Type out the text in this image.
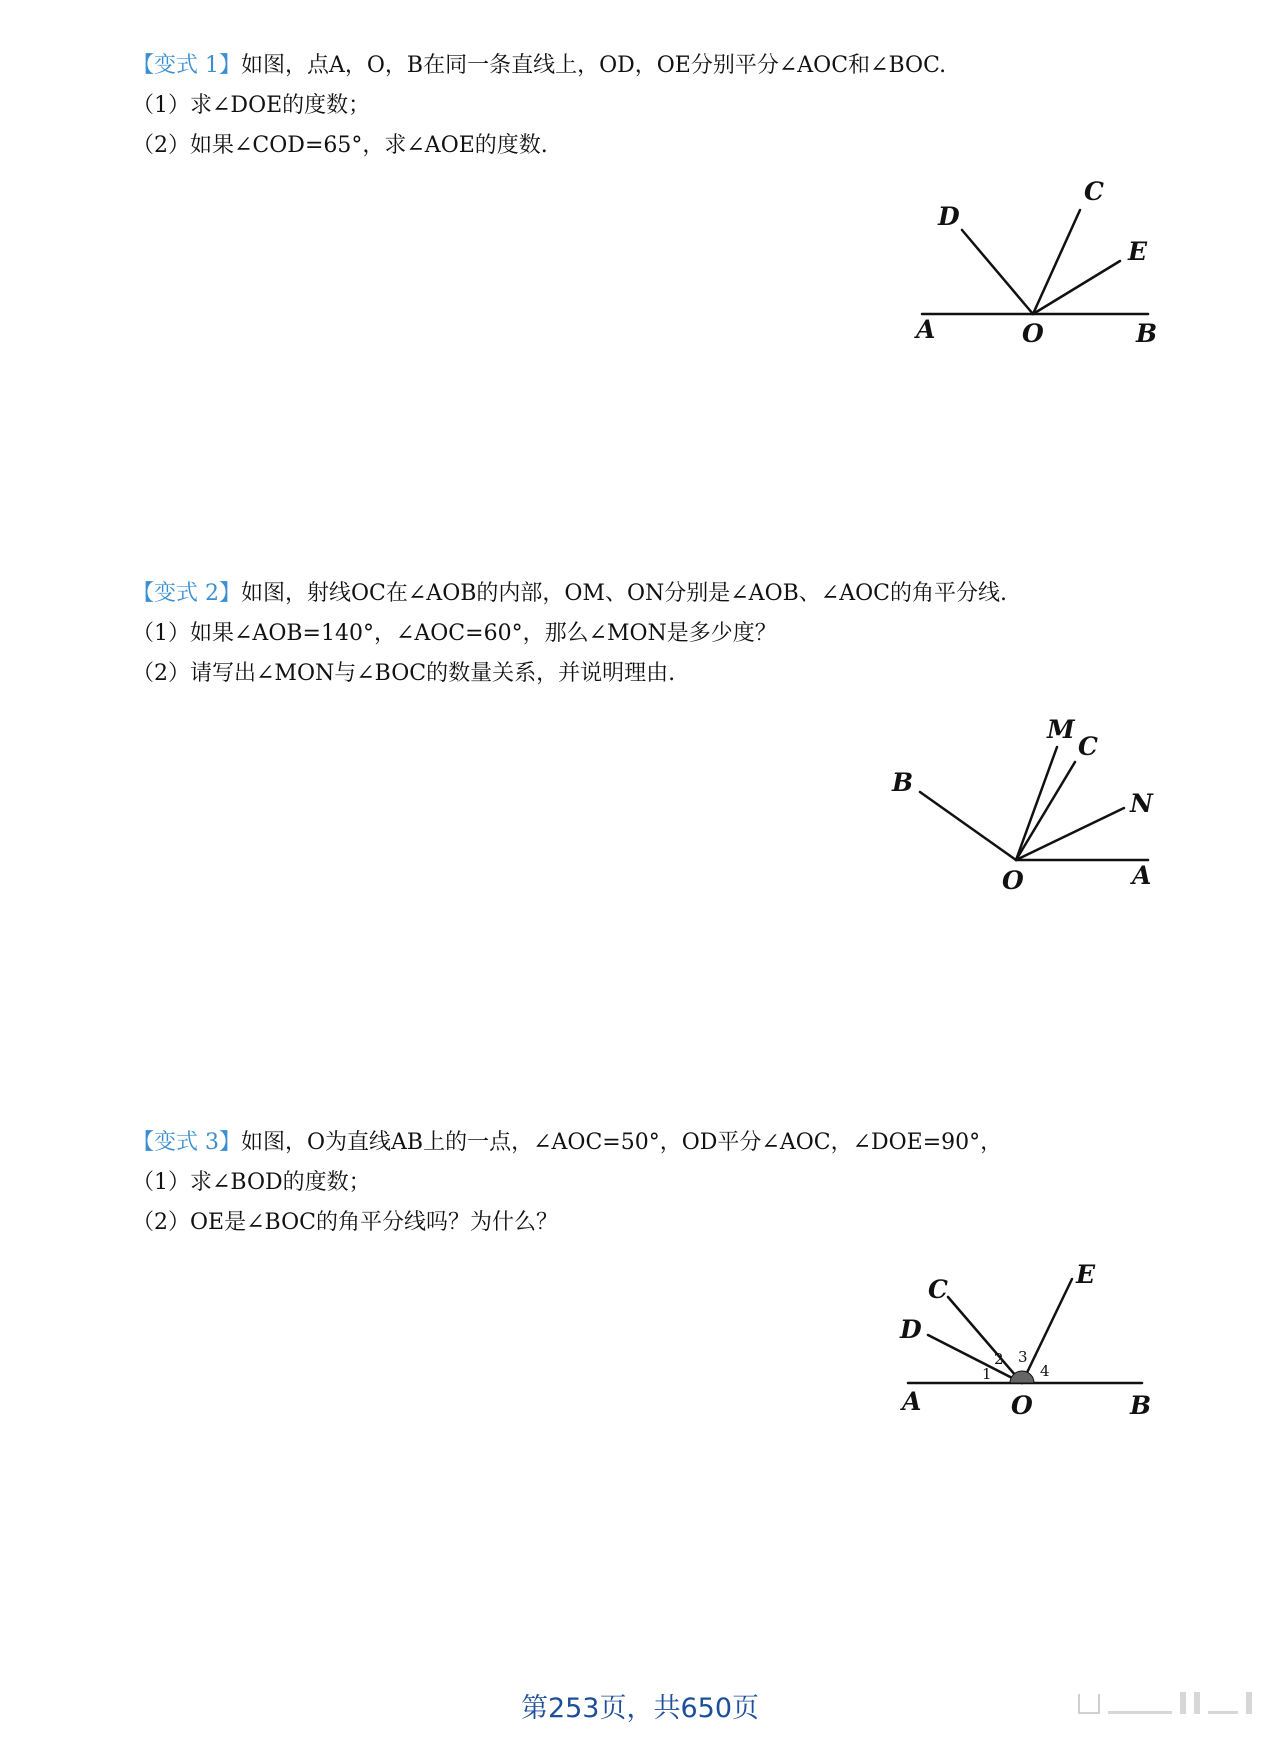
【变式 1】如图，点A，O，B在同一条直线上，OD，OE分别平分∠AOC和∠BOC.
（1）求∠DOE的度数；
（2）如果∠COD=65°，求∠AOE的度数.
D
C
E
A	O	B
【变式 2】如图，射线OC在∠AOB的内部，OM、ON分别是∠AOB、∠AOC的角平分线.
（1）如果∠AOB=140°，∠AOC=60°，那么∠MON是多少度？
（2）请写出∠MON与∠BOC的数量关系，并说明理由.
B
M
C
N
O	A
【变式 3】如图，O为直线AB上的一点，∠AOC=50°，OD平分∠AOC，∠DOE=90°，
（1）求∠BOD的度数；
（2）OE是∠BOC的角平分线吗？为什么？
C
D
E
A	O	B
1
2 3
4
第253页，共650页
